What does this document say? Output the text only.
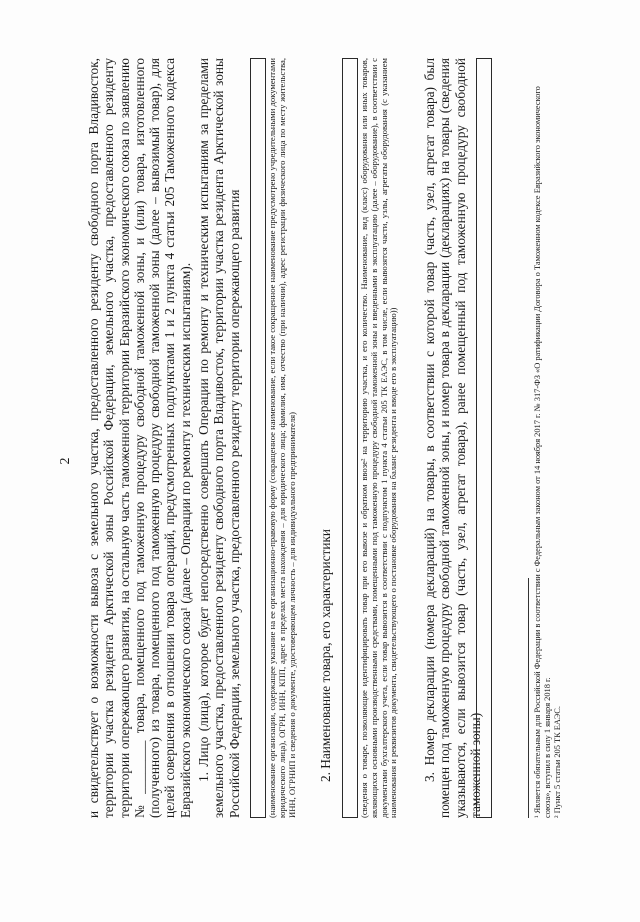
2 и свидетельствует о возможности вывоза с земельного участка, предоставленного резиденту свободного порта Владивосток, территории участка резидента Арктической зоны Российской Федерации, земельного участка, предоставленного резиденту территории опережающего развития, на остальную часть таможенной территории Евразийского экономического союза по заявлению № ________ товара, помещенного под таможенную процедуру свободной таможенной зоны, и (или) товара, изготовленного (полученного) из товара, помещенного под таможенную процедуру свободной таможенной зоны (далее – вывозимый товар), для целей совершения в отношении товара операций, предусмотренных подпунктами 1 и 2 пункта 4 статьи 205 Таможенного кодекса Евразийского экономического союза¹ (далее – Операции по ремонту и техническим испытаниям). 1. Лицо (лица), которое будет непосредственно совершать Операции по ремонту и техническим испытаниям за пределами земельного участка, предоставленного резиденту свободного порта Владивосток, территории участка резидента Арктической зоны Российской Федерации, земельного участка, предоставленного резиденту территории опережающего развития	(наименование организации, содержащее указание на ее организационно-правовую форму (сокращенное наименование, если такое сокращенное наименование предусмотрено учредительными документами юридического лица), ОГРН, ИНН, КПП, адрес в пределах места нахождения – для юридического лица; фамилия, имя, отчество (при наличии), адрес регистрации физического лица по месту жительства, ИНН, ОГРНИП и сведения о документе, удостоверяющем личность – для индивидуального предпринимателя) 2. Наименование товара, его характеристики	(сведения о товаре, позволяющие идентифицировать товар при его вывозе и обратном ввозе² на территорию участка, и его количество. Наименование, вид (класс) оборудования или иных товаров, являющихся основными производственными средствами, помещенными под таможенную процедуру свободной таможенной зоны и введенными в эксплуатацию (далее – оборудование), в соответствии с документами бухгалтерского учета, если товар вывозится в соответствии с подпунктом 1 пункта 4 статьи 205 ТК ЕАЭС, в том числе, если вывозятся части, узлы, агрегаты оборудования (с указанием наименования и реквизитов документа, свидетельствующего о постановке оборудования на баланс резидента и вводе его в эксплуатацию)) 3. Номер декларации (номера деклараций) на товары, в соответствии с которой товар (часть, узел, агрегат товара) был помещен под таможенную процедуру свободной таможенной зоны, и номер товара в декларации (декларациях) на товары (сведения указываются, если вывозится товар (часть, узел, агрегат товара), ранее помещенный под таможенную процедуру свободной таможенной зоны)	¹ Является обязательным для Российской Федерации в соответствии с Федеральным законом от 14 ноября 2017 г. № 317-ФЗ «О ратификации Договора о Таможенном кодексе Евразийского экономического союза», вступил в силу 1 января 2018 г. ² Пункт 5 статьи 205 ТК ЕАЭС.
